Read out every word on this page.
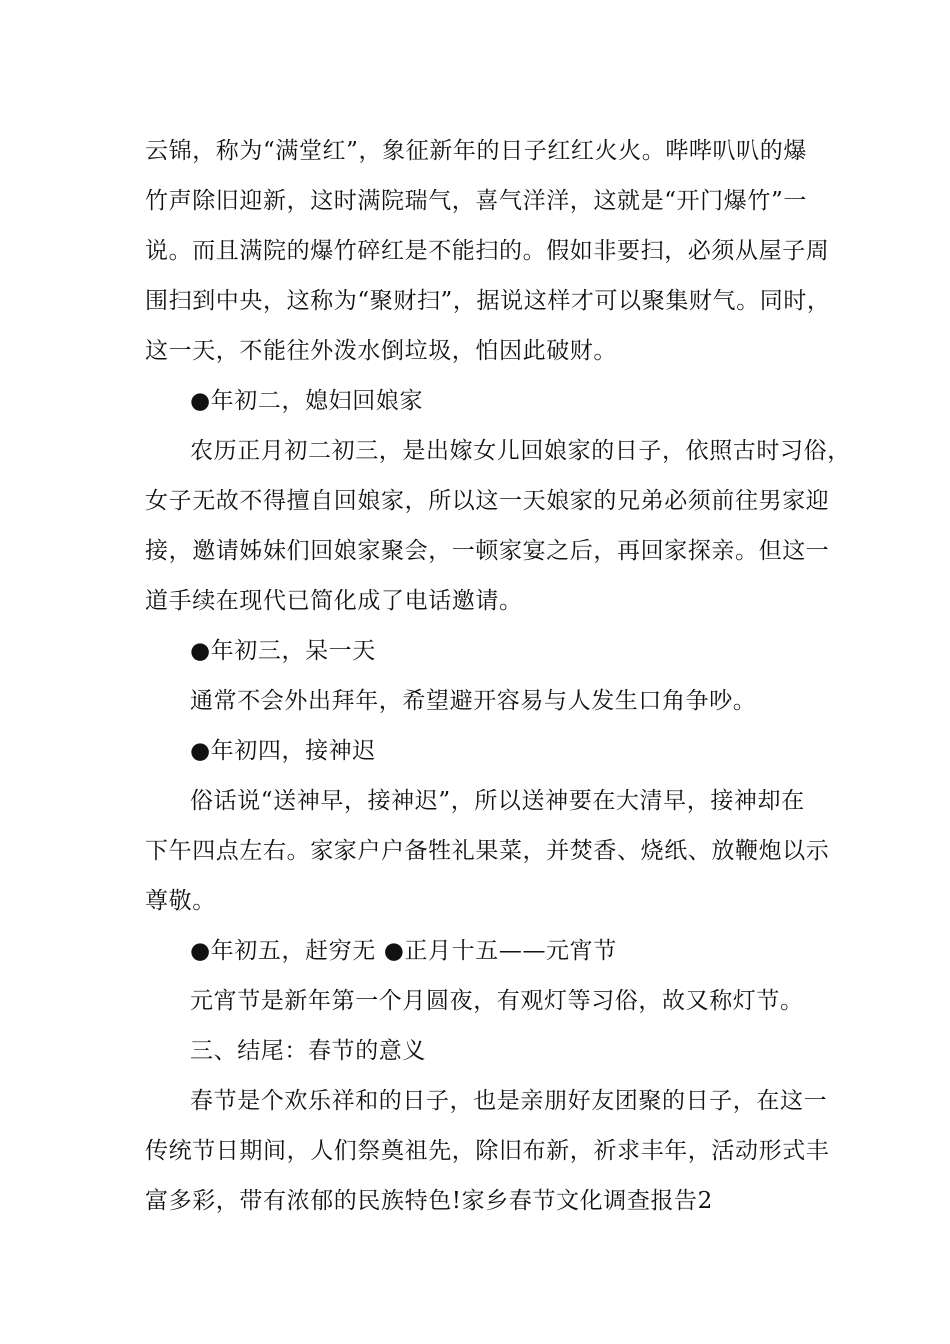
云锦，称为“满堂红”，象征新年的日子红红火火。哔哔叭叭的爆
竹声除旧迎新，这时满院瑞气，喜气洋洋，这就是“开门爆竹”一
说。而且满院的爆竹碎红是不能扫的。假如非要扫，必须从屋子周
围扫到中央，这称为“聚财扫”，据说这样才可以聚集财气。同时，
这一天，不能往外泼水倒垃圾，怕因此破财。
●年初二，媳妇回娘家
农历正月初二初三，是出嫁女儿回娘家的日子，依照古时习俗，
女子无故不得擅自回娘家，所以这一天娘家的兄弟必须前往男家迎
接，邀请姊妹们回娘家聚会，一顿家宴之后，再回家探亲。但这一
道手续在现代已简化成了电话邀请。
●年初三，呆一天
通常不会外出拜年，希望避开容易与人发生口角争吵。
●年初四，接神迟
俗话说“送神早，接神迟”，所以送神要在大清早，接神却在
下午四点左右。家家户户备牲礼果菜，并焚香、烧纸、放鞭炮以示
尊敬。
●年初五，赶穷无 ●正月十五——元宵节
元宵节是新年第一个月圆夜，有观灯等习俗，故又称灯节。
三、结尾：春节的意义
春节是个欢乐祥和的日子，也是亲朋好友团聚的日子，在这一
传统节日期间，人们祭奠祖先，除旧布新，祈求丰年，活动形式丰
富多彩，带有浓郁的民族特色!家乡春节文化调查报告2
